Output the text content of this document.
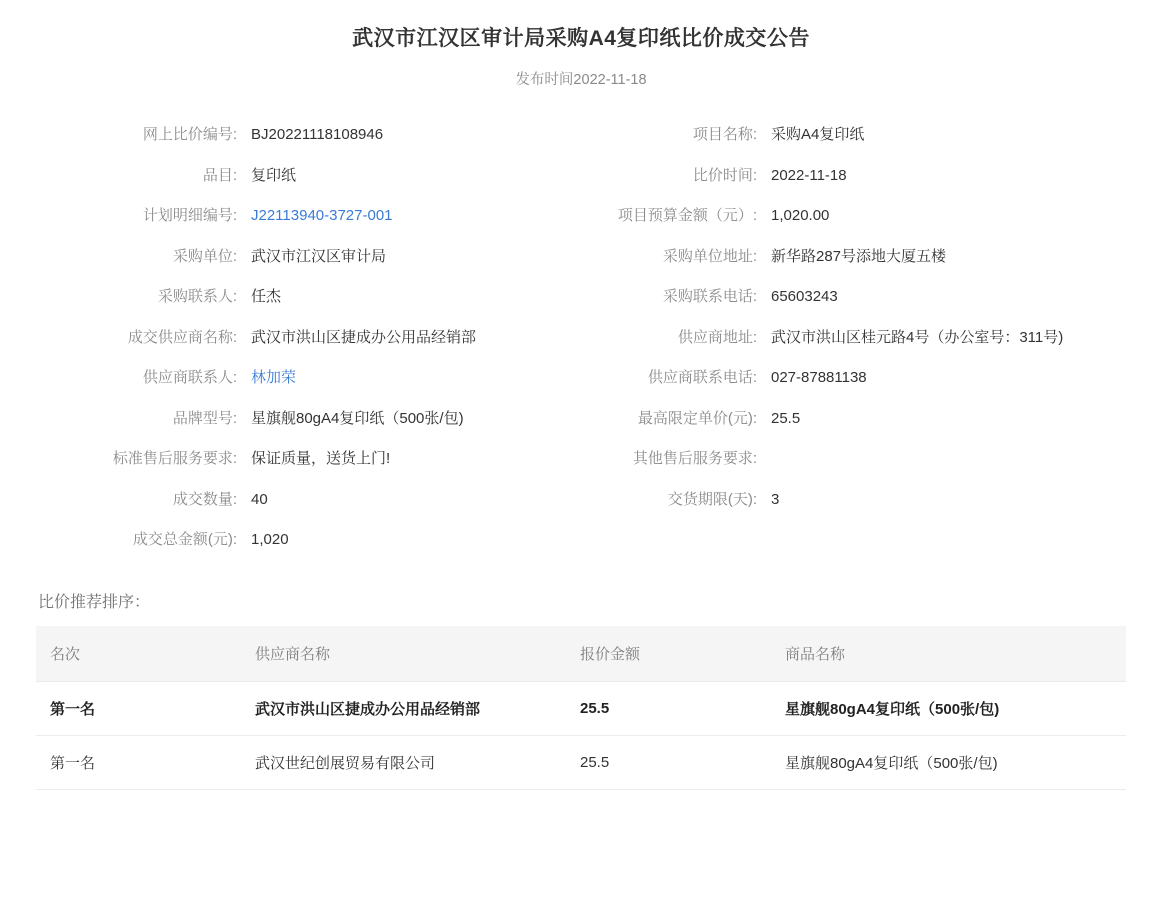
武汉市江汉区审计局采购A4复印纸比价成交公告
发布时间2022-11-18
网上比价编号:	BJ20221118108946	项目名称:	采购A4复印纸
品目:	复印纸	比价时间:	2022-11-18
计划明细编号:	J22113940-3727-001	项目预算金额（元）:	1,020.00
采购单位:	武汉市江汉区审计局	采购单位地址:	新华路287号添地大厦五楼
采购联系人:	任杰	采购联系电话:	65603243
成交供应商名称:	武汉市洪山区捷成办公用品经销部	供应商地址:	武汉市洪山区桂元路4号（办公室号：311号)
供应商联系人:	林加荣	供应商联系电话:	027-87881138
品牌型号:	星旗舰80gA4复印纸（500张/包)	最高限定单价(元):	25.5
标准售后服务要求:	保证质量，送货上门!	其他售后服务要求:	
成交数量:	40	交货期限(天):	3
成交总金额(元):	1,020		
比价推荐排序：
名次	供应商名称	报价金额	商品名称
第一名	武汉市洪山区捷成办公用品经销部	25.5	星旗舰80gA4复印纸（500张/包)
第一名	武汉世纪创展贸易有限公司	25.5	星旗舰80gA4复印纸（500张/包)
